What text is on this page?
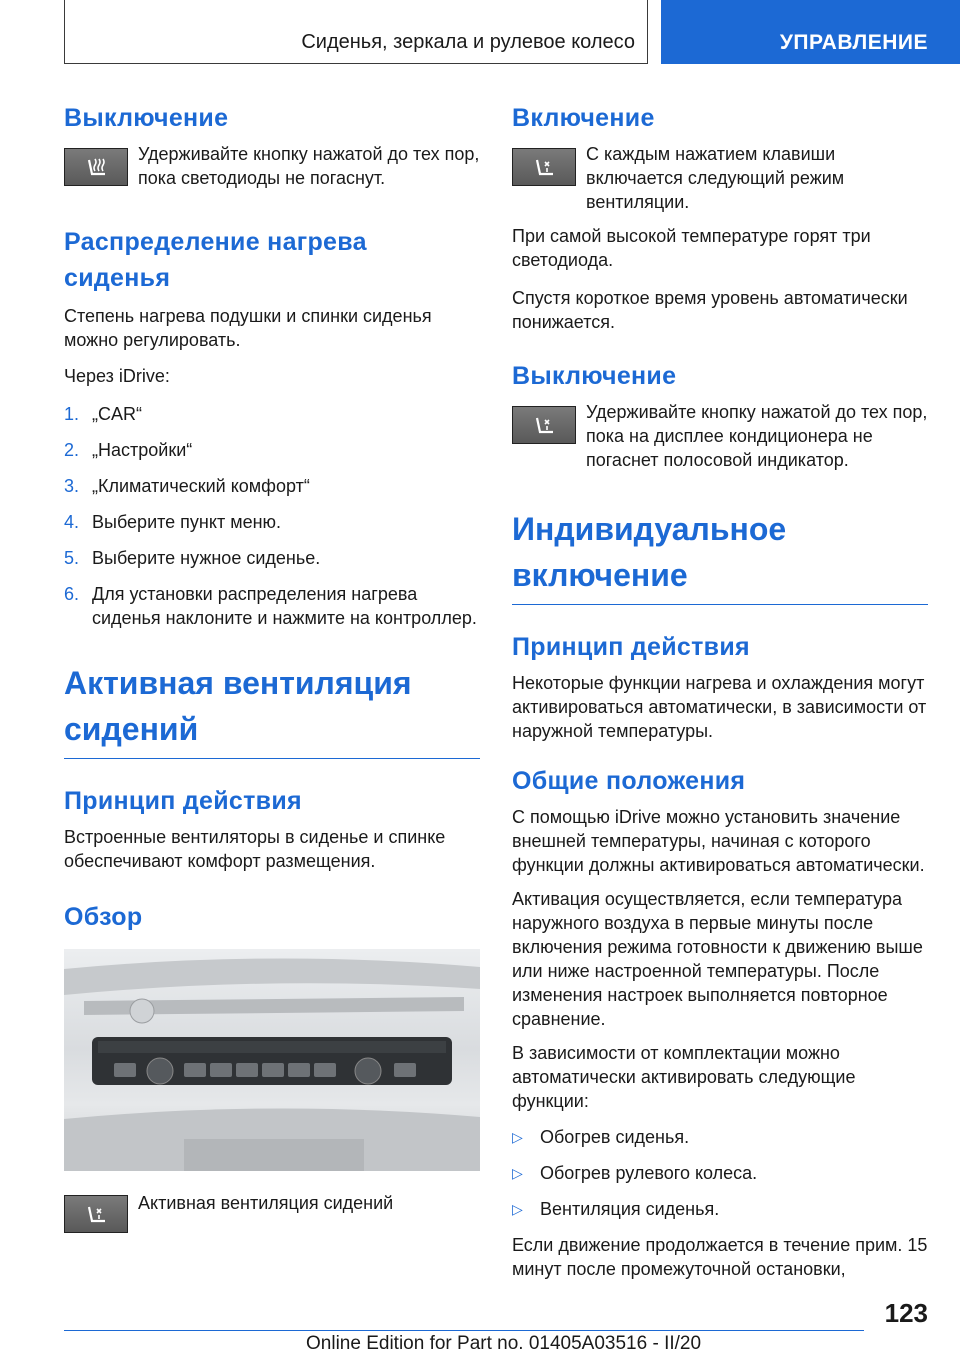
Сиденья, зеркала и рулевое колесо	УПРАВЛЕНИЕ
Выключение

Удерживайте кнопку нажатой до тех пор, пока светодиоды не погаснут.

Распределение нагрева сиденья

Степень нагрева подушки и спинки сиденья можно регулировать.

Через iDrive:

1. „CAR“
2. „Настройки“
3. „Климатический комфорт“
4. Выберите пункт меню.
5. Выберите нужное сиденье.
6. Для установки распределения нагрева сиденья наклоните и нажмите на контроллер.
Активная вентиляция сидений
Принцип действия

Встроенные вентиляторы в сиденье и спинке обеспечивают комфорт размещения.

Обзор

Активная вентиляция сидений

Включение

С каждым нажатием клавиши включается следующий режим вентиляции.

При самой высокой температуре горят три светодиода.

Спустя короткое время уровень автоматически понижается.

Выключение

Удерживайте кнопку нажатой до тех пор, пока на дисплее кондиционера не погаснет полосовой индикатор.

Индивидуальное включение
Принцип действия

Некоторые функции нагрева и охлаждения могут активироваться автоматически, в зависимости от наружной температуры.

Общие положения

С помощью iDrive можно установить значение внешней температуры, начиная с которого функции должны активироваться автоматически.

Активация осуществляется, если температура наружного воздуха в первые минуты после включения режима готовности к движению выше или ниже настроенной температуры. После изменения настроек выполняется повторное сравнение.

В зависимости от комплектации можно автоматически активировать следующие функции:

▷ Обогрев сиденья.
▷ Обогрев рулевого колеса.
▷ Вентиляция сиденья.

Если движение продолжается в течение прим. 15 минут после промежуточной остановки,

123
Online Edition for Part no. 01405A03516 - II/20
